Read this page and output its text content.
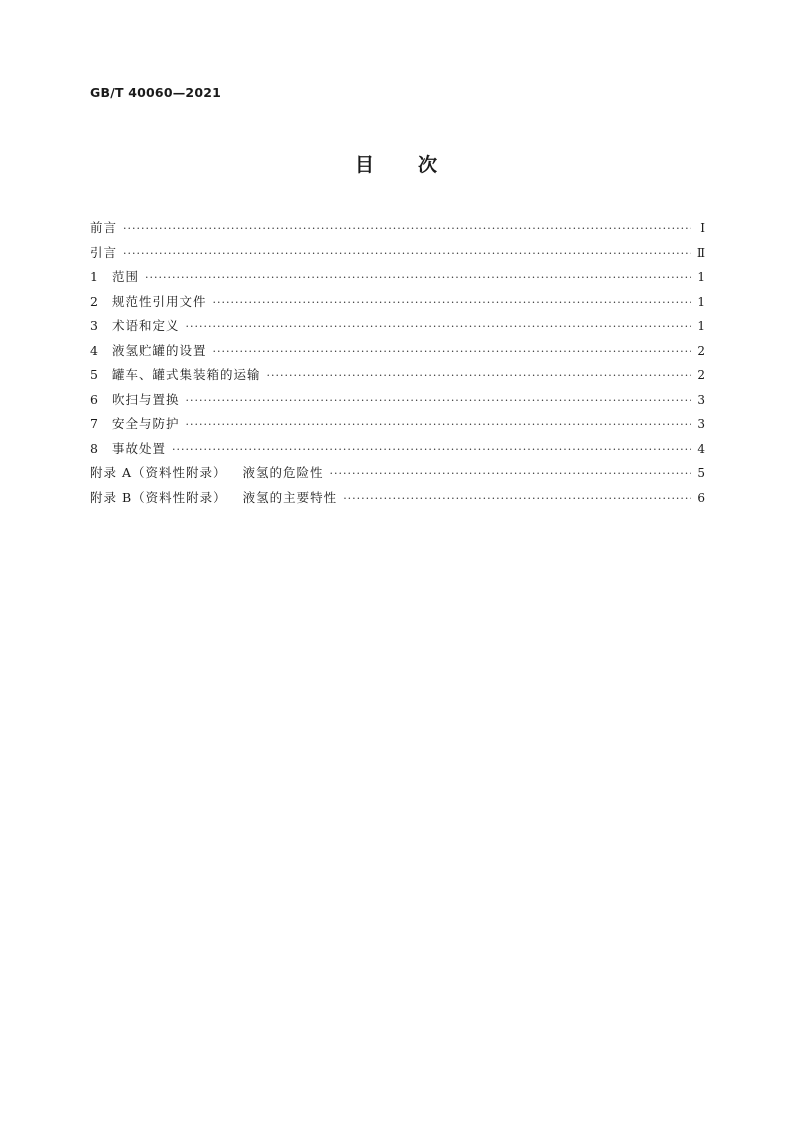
GB/T 40060—2021
目 次
前言 ·····	Ⅰ
引言 ·····	Ⅱ
1	范围 ·····	1
2	规范性引用文件 ·····	1
3	术语和定义 ·····	1
4	液氢贮罐的设置 ·····	2
5	罐车、罐式集装箱的运输 ·····	2
6	吹扫与置换 ·····	3
7	安全与防护 ·····	3
8	事故处置 ·····	4
附录 A（资料性附录） 液氢的危险性 ·····	5
附录 B（资料性附录） 液氢的主要特性 ·····	6
